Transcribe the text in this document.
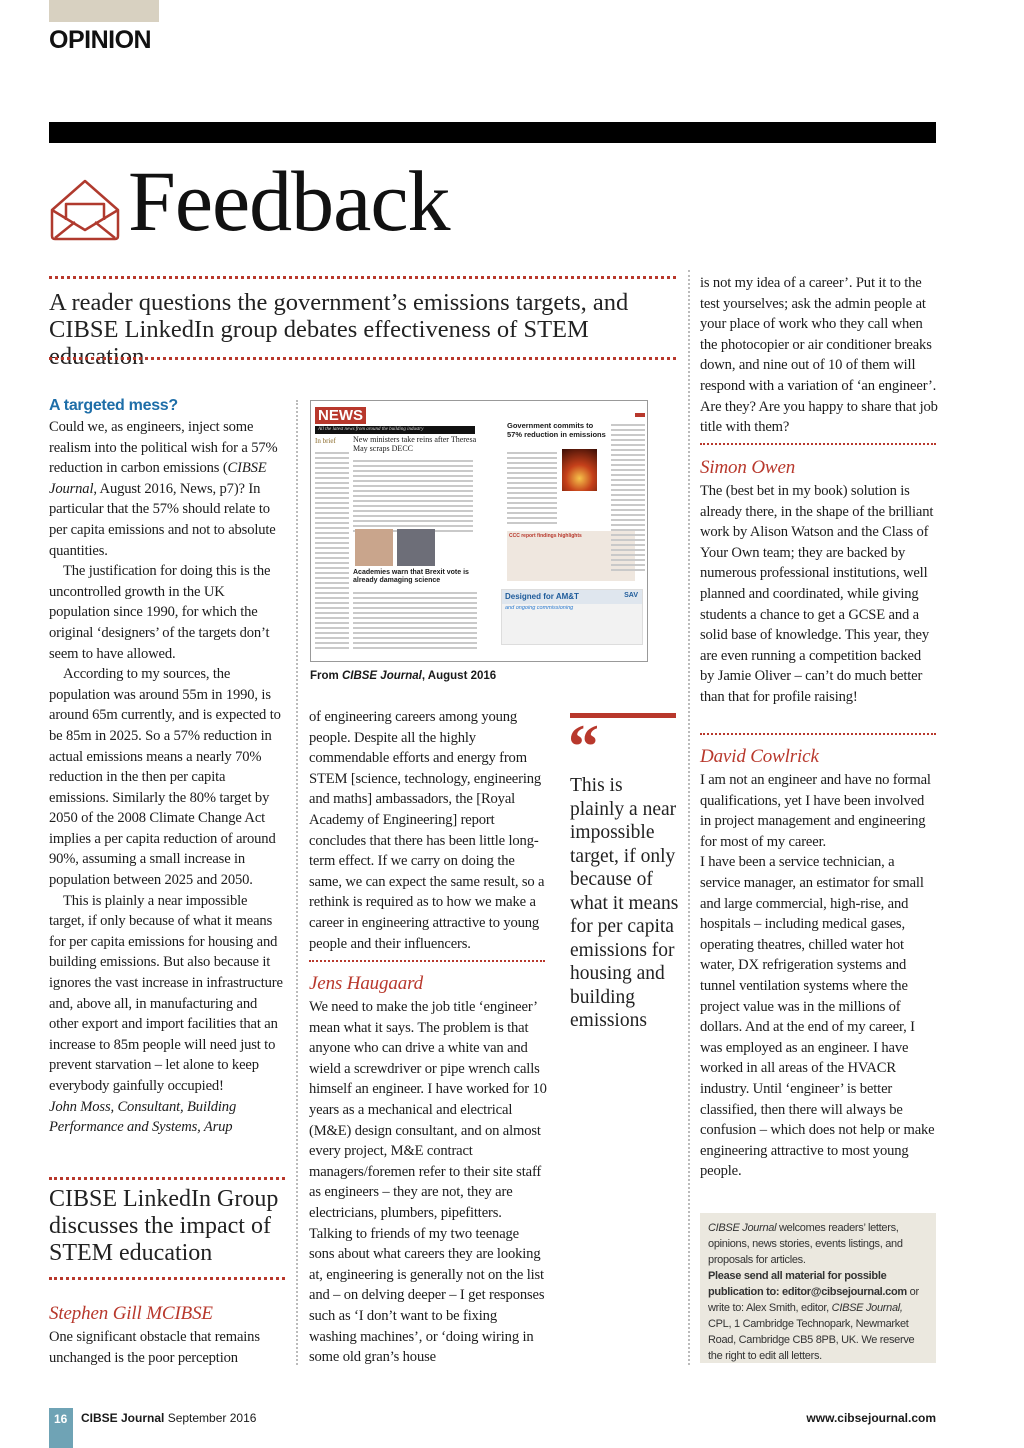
OPINION
Feedback
A reader questions the government’s emissions targets, and CIBSE LinkedIn group debates effectiveness of STEM education
A targeted mess?

Could we, as engineers, inject some realism into the political wish for a 57% reduction in carbon emissions (CIBSE Journal, August 2016, News, p7)? In particular that the 57% should relate to per capita emissions and not to absolute quantities.

The justification for doing this is the uncontrolled growth in the UK population since 1990, for which the original ‘designers’ of the targets don’t seem to have allowed.

According to my sources, the population was around 55m in 1990, is around 65m currently, and is expected to be 85m in 2025. So a 57% reduction in actual emissions means a nearly 70% reduction in the then per capita emissions. Similarly the 80% target by 2050 of the 2008 Climate Change Act implies a per capita reduction of around 90%, assuming a small increase in population between 2025 and 2050.

This is plainly a near impossible target, if only because of what it means for per capita emissions for housing and building emissions. But also because it ignores the vast increase in infrastructure and, above all, in manufacturing and other export and import facilities that an increase to 85m people will need just to prevent starvation – let alone to keep everybody gainfully occupied!

John Moss, Consultant, Building Performance and Systems, Arup

CIBSE LinkedIn Group discusses the impact of STEM education
Stephen Gill MCIBSE

One significant obstacle that remains unchanged is the poor perception

NEWS
All the latest news from around the building industry
In brief New ministers take reins after Theresa May scraps DECC
Academies warn that Brexit vote is already damaging science
Government commits to 57% reduction in emissions
CCC report findings highlights
Designed for AM&T
and ongoing commissioning
SAV
From CIBSE Journal, August 2016

of engineering careers among young people. Despite all the highly commendable efforts and energy from STEM [science, technology, engineering and maths] ambassadors, the [Royal Academy of Engineering] report concludes that there has been little long-term effect. If we carry on doing the same, we can expect the same result, so a rethink is required as to how we make a career in engineering attractive to young people and their influencers.

Jens Haugaard

We need to make the job title ‘engineer’ mean what it says. The problem is that anyone who can drive a white van and wield a screwdriver or pipe wrench calls himself an engineer. I have worked for 10 years as a mechanical and electrical (M&E) design consultant, and on almost every project, M&E contract managers/foremen refer to their site staff as engineers – they are not, they are electricians, plumbers, pipefitters. Talking to friends of my two teenage sons about what careers they are looking at, engineering is generally not on the list and – on delving deeper – I get responses such as ‘I don’t want to be fixing washing machines’, or ‘doing wiring in some old gran’s house

“
This is plainly a near impossible target, if only because of what it means for per capita emissions for housing and building emissions

is not my idea of a career’. Put it to the test yourselves; ask the admin people at your place of work who they call when the photocopier or air conditioner breaks down, and nine out of 10 of them will respond with a variation of ‘an engineer’. Are they? Are you happy to share that job title with them?

Simon Owen

The (best bet in my book) solution is already there, in the shape of the brilliant work by Alison Watson and the Class of Your Own team; they are backed by numerous professional institutions, well planned and coordinated, while giving students a chance to get a GCSE and a solid base of knowledge. This year, they are even running a competition backed by Jamie Oliver – can’t do much better than that for profile raising!

David Cowlrick

I am not an engineer and have no formal qualifications, yet I have been involved in project management and engineering for most of my career.

I have been a service technician, a service manager, an estimator for small and large commercial, high-rise, and hospitals – including medical gases, operating theatres, chilled water hot water, DX refrigeration systems and tunnel ventilation systems where the project value was in the millions of dollars. And at the end of my career, I was employed as an engineer. I have worked in all areas of the HVACR industry. Until ‘engineer’ is better classified, then there will always be confusion – which does not help or make engineering attractive to most young people.

CIBSE Journal welcomes readers’ letters, opinions, news stories, events listings, and proposals for articles.
Please send all material for possible publication to: editor@cibsejournal.com or write to: Alex Smith, editor, CIBSE Journal, CPL, 1 Cambridge Technopark, Newmarket Road, Cambridge CB5 8PB, UK. We reserve the right to edit all letters.
16	CIBSE Journal September 2016	www.cibsejournal.com
